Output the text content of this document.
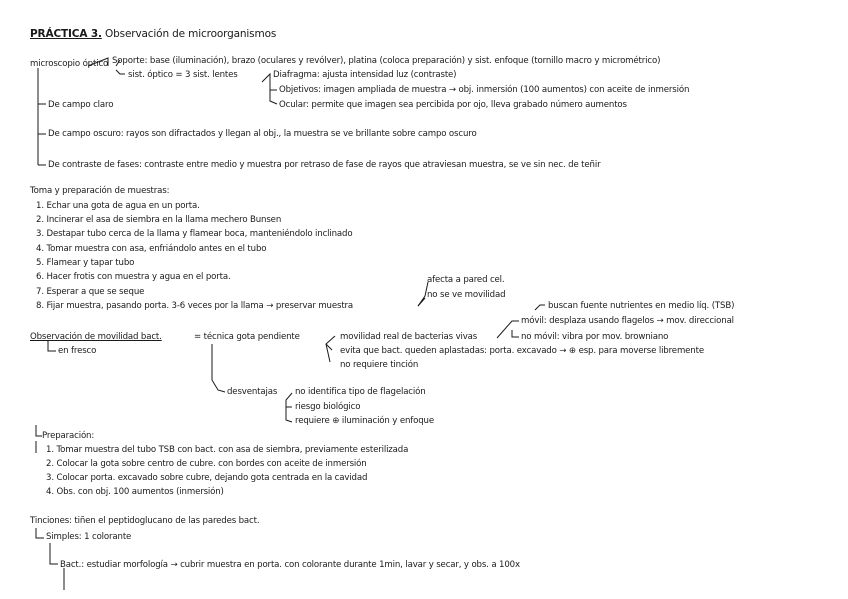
PRÁCTICA 3. Observación de microorganismos
microscopio óptico Soporte: base (iluminación), brazo (oculares y revólver), platina (coloca preparación) y sist. enfoque (tornillo macro y micrométrico)
sist. óptico = 3 sist. lentes	Diafragma: ajusta intensidad luz (contraste)
Objetivos: imagen ampliada de muestra → obj. inmersión (100 aumentos) con aceite de inmersión
Ocular: permite que imagen sea percibida por ojo, lleva grabado número aumentos
De campo claro
De campo oscuro: rayos son difractados y llegan al obj., la muestra se ve brillante sobre campo oscuro
De contraste de fases: contraste entre medio y muestra por retraso de fase de rayos que atraviesan muestra, se ve sin nec. de teñir
Toma y preparación de muestras:
1. Echar una gota de agua en un porta.
2. Incinerar el asa de siembra en la llama mechero Bunsen
3. Destapar tubo cerca de la llama y flamear boca, manteniéndolo inclinado
4. Tomar muestra con asa, enfriándolo antes en el tubo
5. Flamear y tapar tubo
6. Hacer frotis con muestra y agua en el porta.
7. Esperar a que se seque
8. Fijar muestra, pasando porta. 3-6 veces por la llama → preservar muestra
afecta a pared cel.
no se ve movilidad
Observación de movilidad bact.	= técnica gota pendiente
en fresco
movilidad real de bacterias vivas
evita que bact. queden aplastadas: porta. excavado → ⊕ esp. para moverse libremente
no requiere tinción
buscan fuente nutrientes en medio líq. (TSB)
móvil: desplaza usando flagelos → mov. direccional
no móvil: vibra por mov. browniano
desventajas no identifica tipo de flagelación
riesgo biológico
requiere ⊕ iluminación y enfoque
Preparación:
1. Tomar muestra del tubo TSB con bact. con asa de siembra, previamente esterilizada
2. Colocar la gota sobre centro de cubre. con bordes con aceite de inmersión
3. Colocar porta. excavado sobre cubre, dejando gota centrada en la cavidad
4. Obs. con obj. 100 aumentos (inmersión)
Tinciones: tiñen el peptidoglucano de las paredes bact.
Simples: 1 colorante
Bact.: estudiar morfología → cubrir muestra en porta. con colorante durante 1min, lavar y secar, y obs. a 100x
